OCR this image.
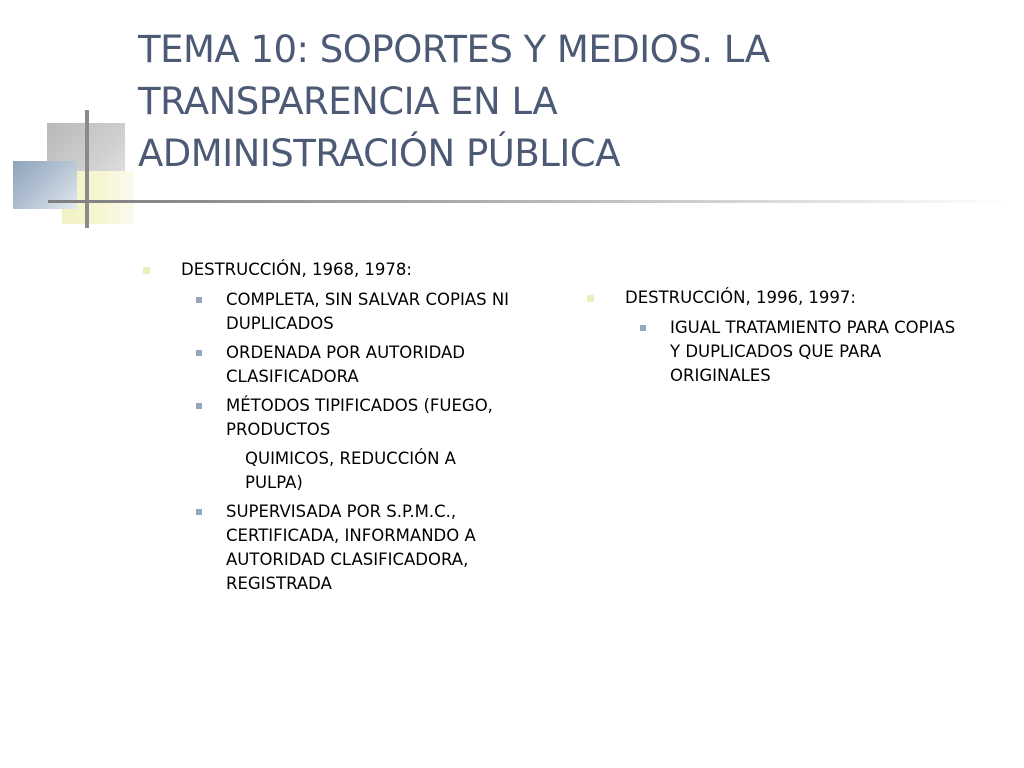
TEMA 10: SOPORTES Y MEDIOS. LA
TRANSPARENCIA EN LA
ADMINISTRACIÓN PÚBLICA
DESTRUCCIÓN, 1968, 1978:
COMPLETA, SIN SALVAR COPIAS NI
DUPLICADOS
ORDENADA POR AUTORIDAD
CLASIFICADORA
MÉTODOS TIPIFICADOS (FUEGO,
PRODUCTOS
QUIMICOS, REDUCCIÓN A
PULPA)
SUPERVISADA POR S.P.M.C.,
CERTIFICADA, INFORMANDO A
AUTORIDAD CLASIFICADORA,
REGISTRADA
DESTRUCCIÓN, 1996, 1997:
IGUAL TRATAMIENTO PARA COPIAS
Y DUPLICADOS QUE PARA
ORIGINALES
